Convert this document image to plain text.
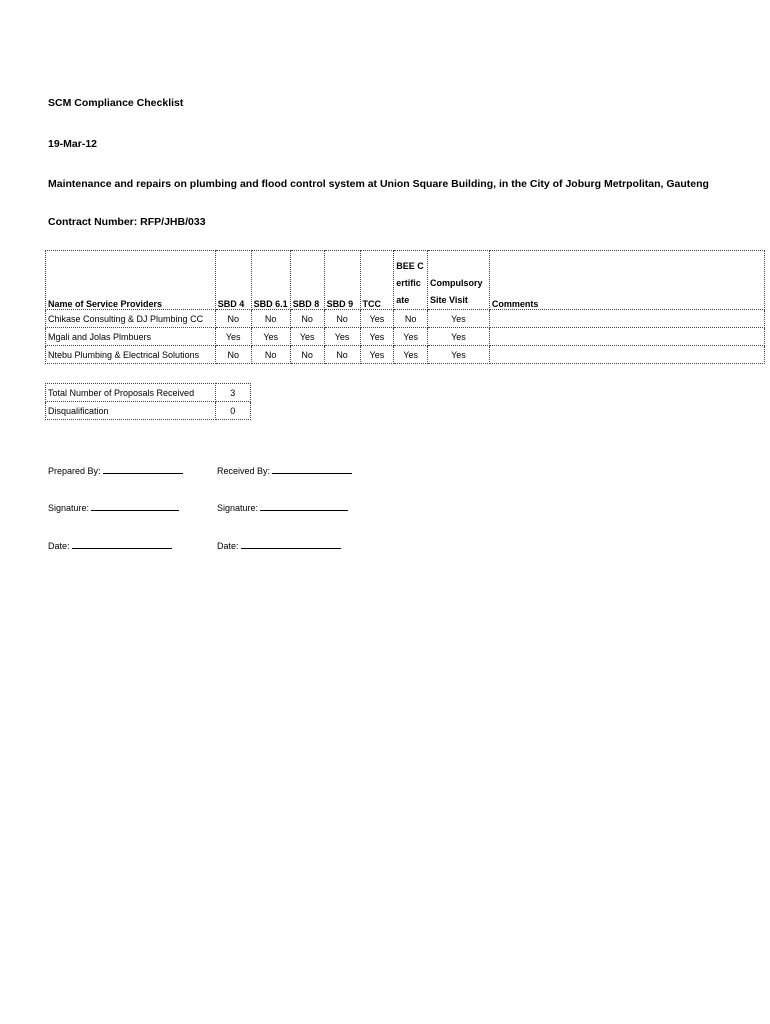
SCM Compliance Checklist
19-Mar-12
Maintenance and repairs on plumbing and flood control system at Union Square Building, in the City of Joburg Metrpolitan, Gauteng
Contract Number: RFP/JHB/033
Name of Service Providers	SBD 4	SBD 6.1	SBD 8	SBD 9	TCC	BEE Certificate	Compulsory Site Visit	Comments
Chikase Consulting & DJ Plumbing CC	No	No	No	No	Yes	No	Yes	
Mgali and Jolas Plmbuers	Yes	Yes	Yes	Yes	Yes	Yes	Yes	
Ntebu Plumbing & Electrical Solutions	No	No	No	No	Yes	Yes	Yes	
Total Number of Proposals Received	3
Disqualification	0
Prepared By:	Received By:
Signature:	Signature:
Date:	Date:
